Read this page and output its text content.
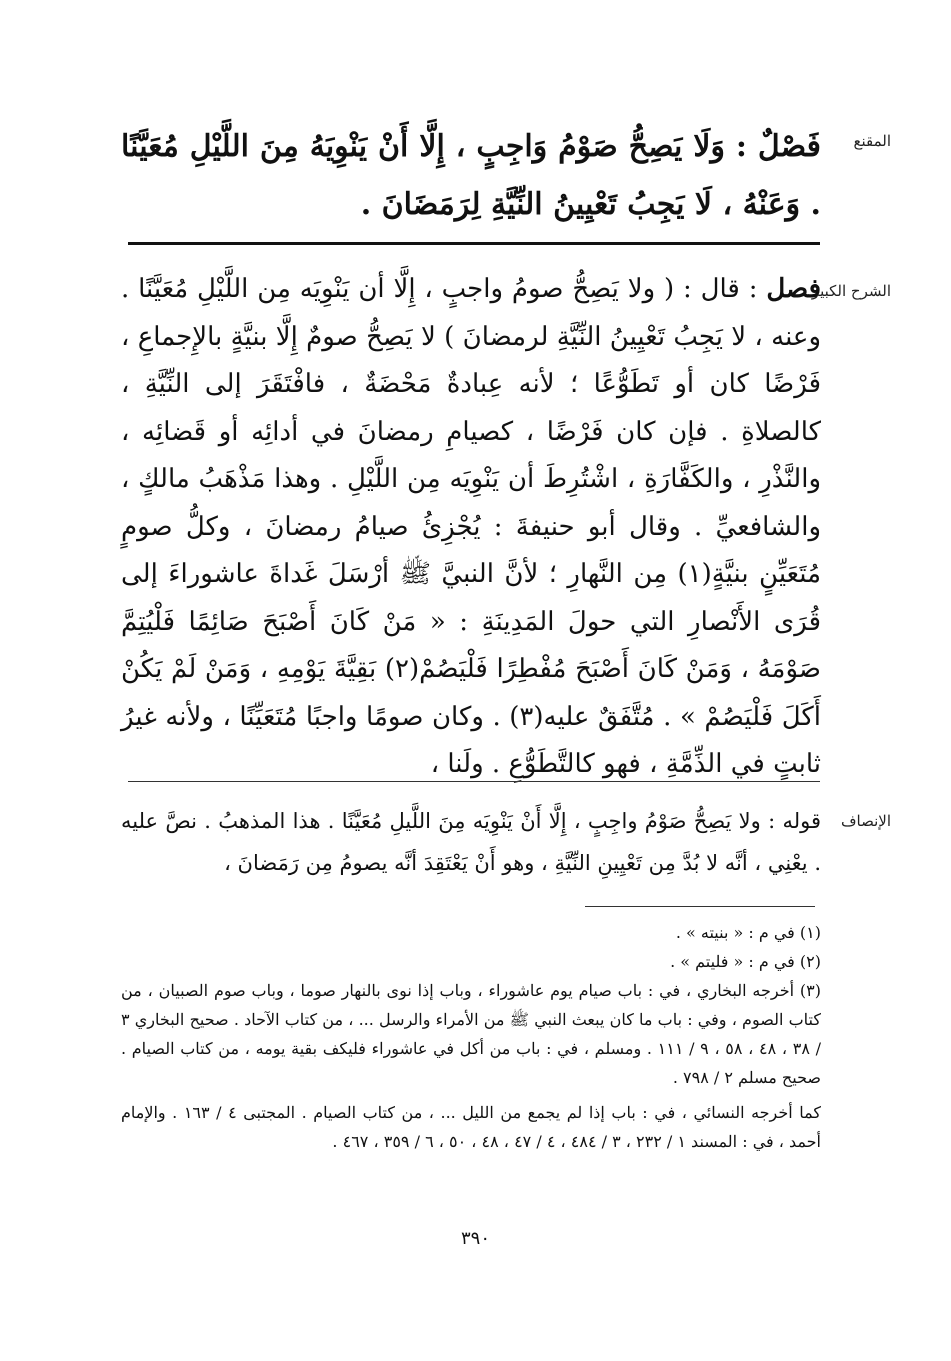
المقنع
فَصْلٌ : وَلَا يَصِحُّ صَوْمُ وَاجِبٍ ، إِلَّا أَنْ يَنْوِيَهُ مِنَ اللَّيْلِ مُعَيَّنًا . وَعَنْهُ ، لَا يَجِبُ تَعْيِينُ النِّيَّةِ لِرَمَضَانَ .
الشرح الكبير
فصل : قال : ( ولا يَصِحُّ صومُ واجبٍ ، إِلَّا أن يَنْوِيَه مِن اللَّيْلِ مُعَيَّنًا . وعنه ، لا يَجِبُ تَعْيِينُ النِّيَّةِ لرمضانَ ) لا يَصِحُّ صومٌ إِلَّا بنيَّةٍ بالإِجماعِ ، فَرْضًا كان أو تَطَوُّعًا ؛ لأنه عِبادةٌ مَحْضَةٌ ، فافْتَقَرَ إلى النِّيَّةِ ، كالصلاةِ . فإن كان فَرْضًا ، كصيامِ رمضانَ في أدائِه أو قَضائِه ، والنَّذْرِ ، والكَفَّارَةِ ، اشْتُرِطَ أن يَنْوِيَه مِن اللَّيْلِ . وهذا مَذْهَبُ مالكٍ ، والشافعيِّ . وقال أبو حنيفةَ : يُجْزِئُ صيامُ رمضانَ ، وكلُّ صومٍ مُتَعَيِّنٍ بنيَّةٍ(١) مِن النَّهارِ ؛ لأنَّ النبيَّ ﷺ أرْسَلَ غَداةَ عاشوراءَ إلى قُرَى الأَنْصارِ التي حولَ المَدِينَةِ : « مَنْ كَانَ أَصْبَحَ صَائِمًا فَلْيُتِمَّ صَوْمَهُ ، وَمَنْ كَانَ أَصْبَحَ مُفْطِرًا فَلْيَصُمْ(٢) بَقِيَّةَ يَوْمِهِ ، وَمَنْ لَمْ يَكُنْ أَكَلَ فَلْيَصُمْ » . مُتَّفَقٌ عليه(٣) . وكان صومًا واجبًا مُتَعَيِّنًا ، ولأنه غيرُ ثابتٍ في الذِّمَّةِ ، فهو كالتَّطَوُّعِ . ولَنا ،
الإنصاف
قوله : ولا يَصِحُّ صَوْمُ واجِبٍ ، إِلَّا أَنْ يَنْوِيَه مِنَ اللَّيلِ مُعَيَّنًا . هذا المذهبُ . نصَّ عليه . يعْنِي ، أنَّه لا بُدَّ مِن تَعْيِينِ النِّيَّةِ ، وهو أَنْ يَعْتَقِدَ أنَّه يصومُ مِن رَمَضانَ ،

(١) في م : « بنيته » .

(٢) في م : « فليتم » .

(٣) أخرجه البخاري ، في : باب صيام يوم عاشوراء ، وباب إذا نوى بالنهار صوما ، وباب صوم الصبيان ، من كتاب الصوم ، وفي : باب ما كان يبعث النبي ﷺ من الأمراء والرسل ... ، من كتاب الآحاد . صحيح البخاري ٣ / ٣٨ ، ٤٨ ، ٥٨ ، ٩ / ١١١ . ومسلم ، في : باب من أكل في عاشوراء فليكف بقية يومه ، من كتاب الصيام . صحيح مسلم ٢ / ٧٩٨ .

كما أخرجه النسائي ، في : باب إذا لم يجمع من الليل ... ، من كتاب الصيام . المجتبى ٤ / ١٦٣ . والإمام أحمد ، في : المسند ١ / ٢٣٢ ، ٣ / ٤٨٤ ، ٤ / ٤٧ ، ٤٨ ، ٥٠ ، ٦ / ٣٥٩ ، ٤٦٧ .

٣٩٠
